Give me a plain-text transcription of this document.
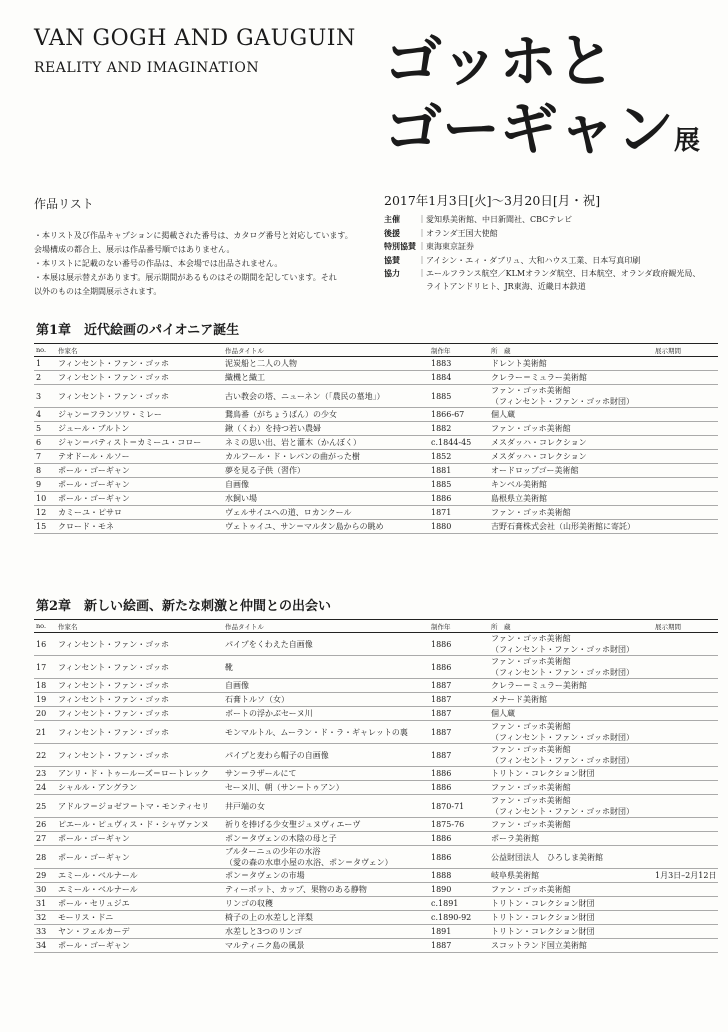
VAN GOGH AND GAUGUIN
REALITY AND IMAGINATION ゴッホと
ゴーギャン展
作品リスト	2017年1月3日[火]～3月20日[月・祝]
・本リスト及び作品キャプションに掲載された番号は、カタログ番号と対応しています。
会場構成の都合上、展示は作品番号順ではありません。
・本リストに記載のない番号の作品は、本会場では出品されません。
・本展は展示替えがあります。展示期間があるものはその期間を記しています。それ
以外のものは全期間展示されます。
主催 ｜愛知県美術館、中日新聞社、CBCテレビ
後援 ｜オランダ王国大使館
特別協賛 ｜東海東京証券
協賛 ｜アイシン・エィ・ダブリュ、大和ハウス工業、日本写真印刷
協力 ｜エールフランス航空／KLMオランダ航空、日本航空、オランダ政府観光局、
　ライトアンドリヒト、JR東海、近畿日本鉄道
第1章　近代絵画のパイオニア誕生
no.	作家名	作品タイトル	制作年	所　蔵	展示期間
1	フィンセント・ファン・ゴッホ	泥炭船と二人の人物	1883	ドレント美術館	

2	フィンセント・ファン・ゴッホ	織機と織工	1884	クレラー＝ミュラー美術館	

3	フィンセント・ファン・ゴッホ	古い教会の塔、ニューネン（「農民の墓地」）	1885	ファン・ゴッホ美術館
（フィンセント・ファン・ゴッホ財団）	

4	ジャン＝フランソワ・ミレー	鵞鳥番（がちょうばん）の少女	1866-67	個人蔵	

5	ジュール・ブルトン	鍬（くわ）を持つ若い農婦	1882	ファン・ゴッホ美術館	

6	ジャン＝バティスト＝カミーユ・コロー	ネミの思い出、岩と灌木（かんぼく）	c.1844-45	メスダッハ・コレクション	

7	テオドール・ルソー	カルフール・ド・レパンの曲がった樹	1852	メスダッハ・コレクション	

8	ポール・ゴーギャン	夢を見る子供（習作）	1881	オードロップゴー美術館	

9	ポール・ゴーギャン	自画像	1885	キンベル美術館	

10	ポール・ゴーギャン	水飼い場	1886	島根県立美術館	

12	カミーユ・ピサロ	ヴェルサイユへの道、ロカンクール	1871	ファン・ゴッホ美術館	

15	クロード・モネ	ヴェトゥイユ、サン＝マルタン島からの眺め	1880	吉野石膏株式会社（山形美術館に寄託）	

第2章　新しい絵画、新たな刺激と仲間との出会い
no.	作家名	作品タイトル	制作年	所　蔵	展示期間
16	フィンセント・ファン・ゴッホ	パイプをくわえた自画像	1886	ファン・ゴッホ美術館
（フィンセント・ファン・ゴッホ財団）	

17	フィンセント・ファン・ゴッホ	靴	1886	ファン・ゴッホ美術館
（フィンセント・ファン・ゴッホ財団）	

18	フィンセント・ファン・ゴッホ	自画像	1887	クレラー＝ミュラー美術館	

19	フィンセント・ファン・ゴッホ	石膏トルソ（女）	1887	メナード美術館	

20	フィンセント・ファン・ゴッホ	ボートの浮かぶセーヌ川	1887	個人蔵	

21	フィンセント・ファン・ゴッホ	モンマルトル、ムーラン・ド・ラ・ギャレットの裏	1887	ファン・ゴッホ美術館
（フィンセント・ファン・ゴッホ財団）	

22	フィンセント・ファン・ゴッホ	パイプと麦わら帽子の自画像	1887	ファン・ゴッホ美術館
（フィンセント・ファン・ゴッホ財団）	

23	アンリ・ド・トゥールーズ＝ロートレック	サン＝ラザールにて	1886	トリトン・コレクション財団	

24	シャルル・アングラン	セーヌ川、朝（サン＝トゥアン）	1886	ファン・ゴッホ美術館	

25	アドルフ＝ジョゼフ＝トマ・モンティセリ	井戸端の女	1870-71	ファン・ゴッホ美術館
（フィンセント・ファン・ゴッホ財団）	

26	ピエール・ピュヴィス・ド・シャヴァンヌ	祈りを捧げる少女聖ジュヌヴィエーヴ	1875-76	ファン・ゴッホ美術館	

27	ポール・ゴーギャン	ポン＝タヴェンの木陰の母と子	1886	ポーラ美術館	

28	ポール・ゴーギャン	ブルターニュの少年の水浴
（愛の森の水車小屋の水浴、ポン＝タヴェン）	1886	公益財団法人　ひろしま美術館	

29	エミール・ベルナール	ポン＝タヴェンの市場	1888	岐阜県美術館	1月3日–2月12日
30	エミール・ベルナール	ティーポット、カップ、果物のある静物	1890	ファン・ゴッホ美術館	

31	ポール・セリュジエ	リンゴの収穫	c.1891	トリトン・コレクション財団	

32	モーリス・ドニ	椅子の上の水差しと洋梨	c.1890-92	トリトン・コレクション財団	

33	ヤン・フェルカーデ	水差しと3つのリンゴ	1891	トリトン・コレクション財団	

34	ポール・ゴーギャン	マルティニク島の風景	1887	スコットランド国立美術館	
